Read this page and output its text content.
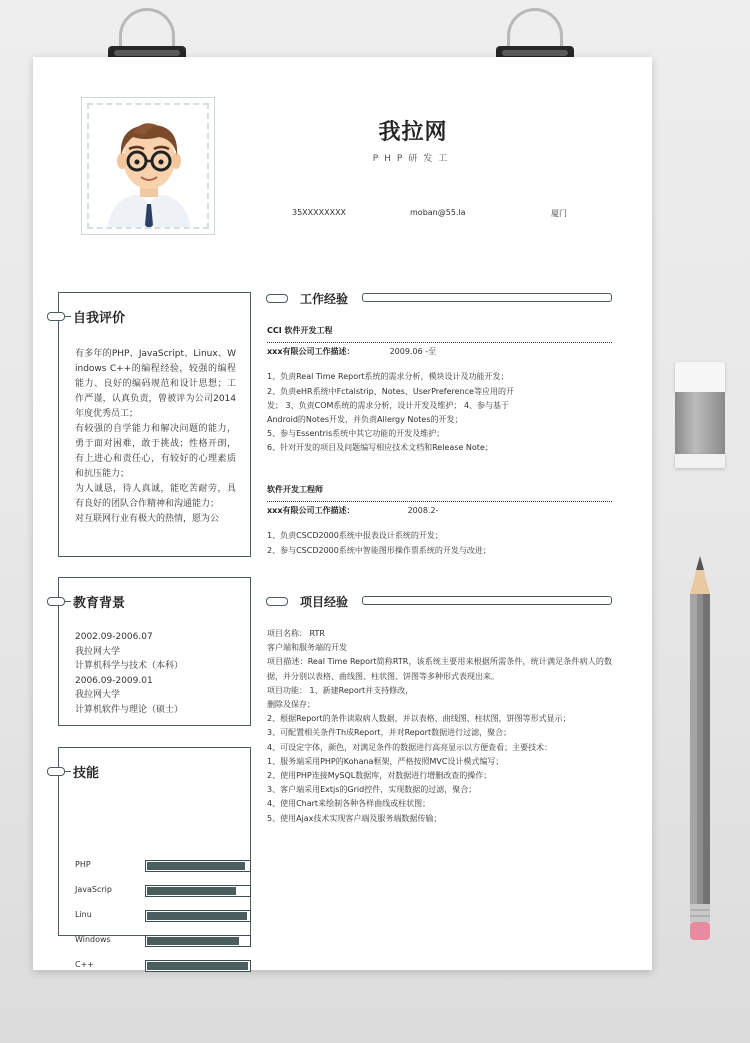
我拉网
PHP研发工
35XXXXXXXX	moban@55.la	厦门
自我评价
有多年的PHP、JavaScript、Linux、Windows C++的编程经验，较强的编程能力、良好的编码规范和设计思想；工作严谨，认真负责，曾被评为公司2014年度优秀员工；
有较强的自学能力和解决问题的能力，勇于面对困难，敢于挑战；性格开朗，有上进心和责任心，有较好的心理素质和抗压能力；
为人诚恳，待人真诚，能吃苦耐劳，具有良好的团队合作精神和沟通能力；
对互联网行业有极大的热情，愿为公
教育背景
2002.09-2006.07
我拉网大学
计算机科学与技术（本科）
2006.09-2009.01
我拉网大学
计算机软件与理论（硕士）
技能
PHP
JavaScrip
Linu
Windows
C++
工作经验
CCI 软件开发工程
xxx有限公司工作描述：	2009.06 -至
1、负责Real Time Report系统的需求分析，模块设计及功能开发；
2、负责eHR系统中Fctalstrip、Notes、UserPreference等应用的开
发； 3、负责COM系统的需求分析，设计开发及维护； 4、参与基于
Android的Notes开发，并负责Allergy Notes的开发；
5、参与Essentris系统中其它功能的开发及维护；
6、针对开发的项目及问题编写相应技术文档和Release Note；
软件开发工程师
xxx有限公司工作描述：	2008.2-
1、负责CSCD2000系统中报表设计系统的开发；
2、参与CSCD2000系统中智能图形操作票系统的开发与改进；
项目经验
项目名称： RTR
客户端和服务端的开发
项目描述：Real Time Report简称RTR，该系统主要用来根据所需条件，统计满足条件病人的数据，并分别以表格、曲线图、柱状图、饼图等多种形式表现出来。
项目功能： 1、新建Report并支持修改，
删除及保存；
2、根据Report的条件读取病人数据，并以表格、曲线图、柱状图，饼图等形式显示；
3、可配置相关条件Th成Report，并对Report数据进行过滤，聚合；
4、可设定字体，颜色，对满足条件的数据进行高亮显示以方便查看；主要技术：
1、服务端采用PHP的Kohana框架，严格按照MVC设计模式编写；
2、使用PHP连接MySQL数据库，对数据进行增删改查的操作；
3、客户端采用Extjs的Grid控件，实现数据的过滤，聚合；
4、使用Chart来绘制各种各样曲线或柱状图；
5、使用Ajax技术实现客户端及服务端数据传输；
